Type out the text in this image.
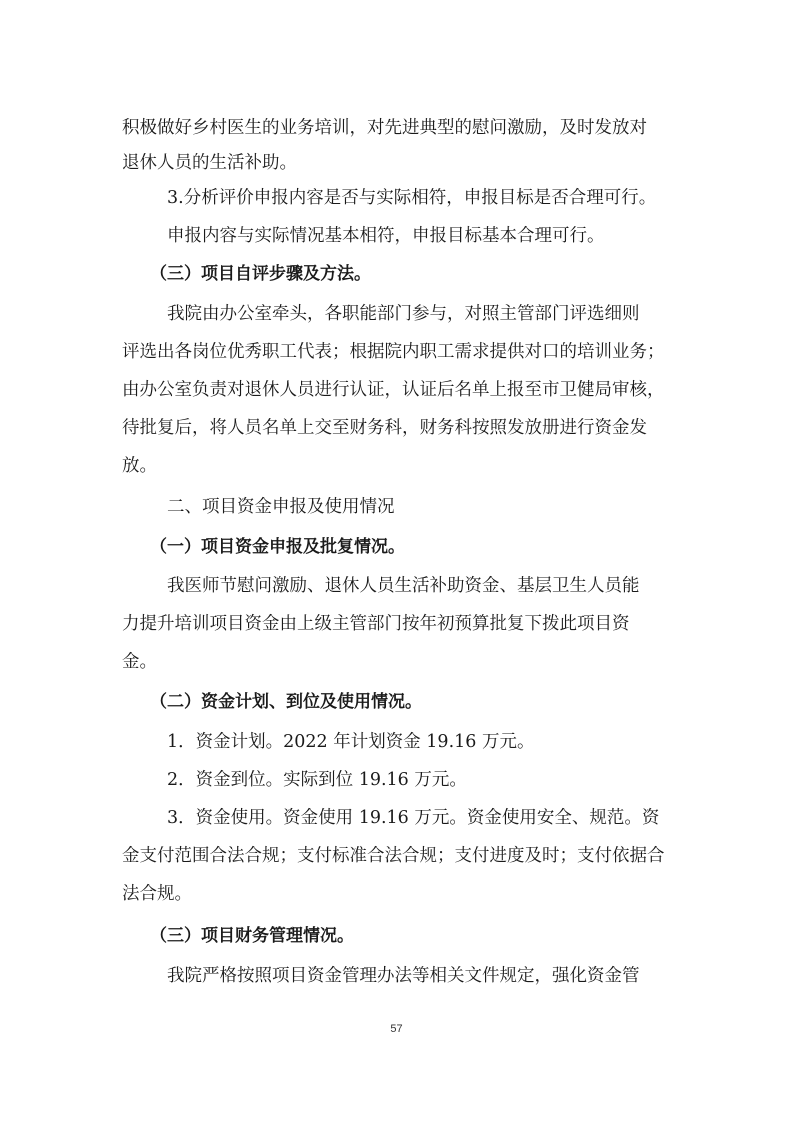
积极做好乡村医生的业务培训，对先进典型的慰问激励，及时发放对
退休人员的生活补助。
3.分析评价申报内容是否与实际相符，申报目标是否合理可行。
申报内容与实际情况基本相符，申报目标基本合理可行。
（三）项目自评步骤及方法。
我院由办公室牵头，各职能部门参与，对照主管部门评选细则
评选出各岗位优秀职工代表；根据院内职工需求提供对口的培训业务；
由办公室负责对退休人员进行认证，认证后名单上报至市卫健局审核，
待批复后，将人员名单上交至财务科，财务科按照发放册进行资金发
放。
二、项目资金申报及使用情况
（一）项目资金申报及批复情况。
我医师节慰问激励、退休人员生活补助资金、基层卫生人员能
力提升培训项目资金由上级主管部门按年初预算批复下拨此项目资
金。
（二）资金计划、到位及使用情况。
1．资金计划。2022 年计划资金 19.16 万元。
2．资金到位。实际到位 19.16 万元。
3．资金使用。资金使用 19.16 万元。资金使用安全、规范。资
金支付范围合法合规；支付标准合法合规；支付进度及时；支付依据合
法合规。
（三）项目财务管理情况。
我院严格按照项目资金管理办法等相关文件规定，强化资金管
57
